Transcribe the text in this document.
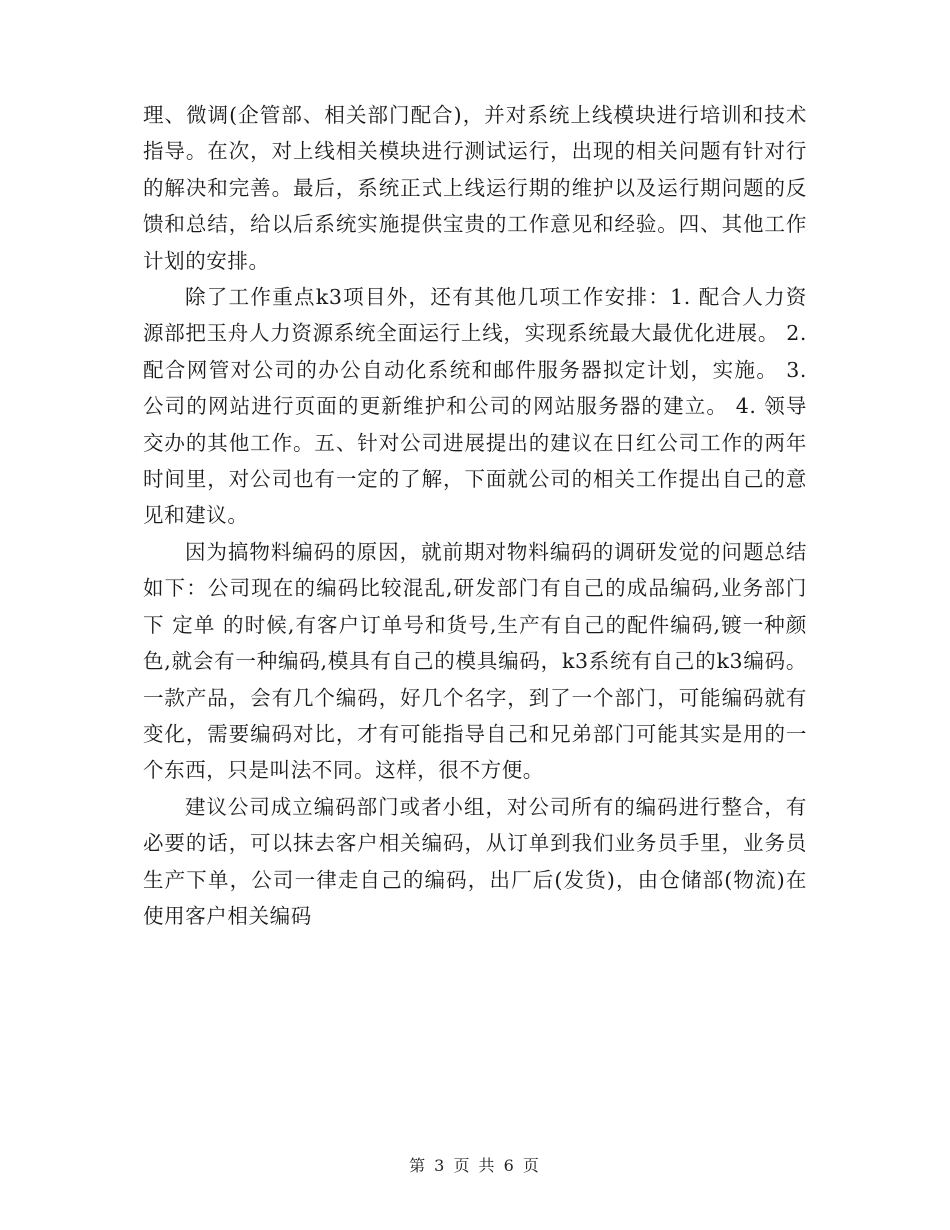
理、微调(企管部、相关部门配合)，并对系统上线模块进行培训和技术指导。在次，对上线相关模块进行测试运行，出现的相关问题有针对行的解决和完善。最后，系统正式上线运行期的维护以及运行期问题的反馈和总结，给以后系统实施提供宝贵的工作意见和经验。四、其他工作计划的安排。

除了工作重点k3项目外，还有其他几项工作安排：1. 配合人力资源部把玉舟人力资源系统全面运行上线，实现系统最大最优化进展。 2. 配合网管对公司的办公自动化系统和邮件服务器拟定计划，实施。 3. 公司的网站进行页面的更新维护和公司的网站服务器的建立。 4. 领导交办的其他工作。五、针对公司进展提出的建议在日红公司工作的两年时间里，对公司也有一定的了解，下面就公司的相关工作提出自己的意见和建议。

因为搞物料编码的原因，就前期对物料编码的调研发觉的问题总结如下：公司现在的编码比较混乱,研发部门有自己的成品编码,业务部门下 定单 的时候,有客户订单号和货号,生产有自己的配件编码,镀一种颜色,就会有一种编码,模具有自己的模具编码，k3系统有自己的k3编码。一款产品，会有几个编码，好几个名字，到了一个部门，可能编码就有变化，需要编码对比，才有可能指导自己和兄弟部门可能其实是用的一个东西，只是叫法不同。这样，很不方便。

建议公司成立编码部门或者小组，对公司所有的编码进行整合，有必要的话，可以抹去客户相关编码，从订单到我们业务员手里，业务员生产下单，公司一律走自己的编码，出厂后(发货)，由仓储部(物流)在使用客户相关编码

第 3 页 共 6 页
